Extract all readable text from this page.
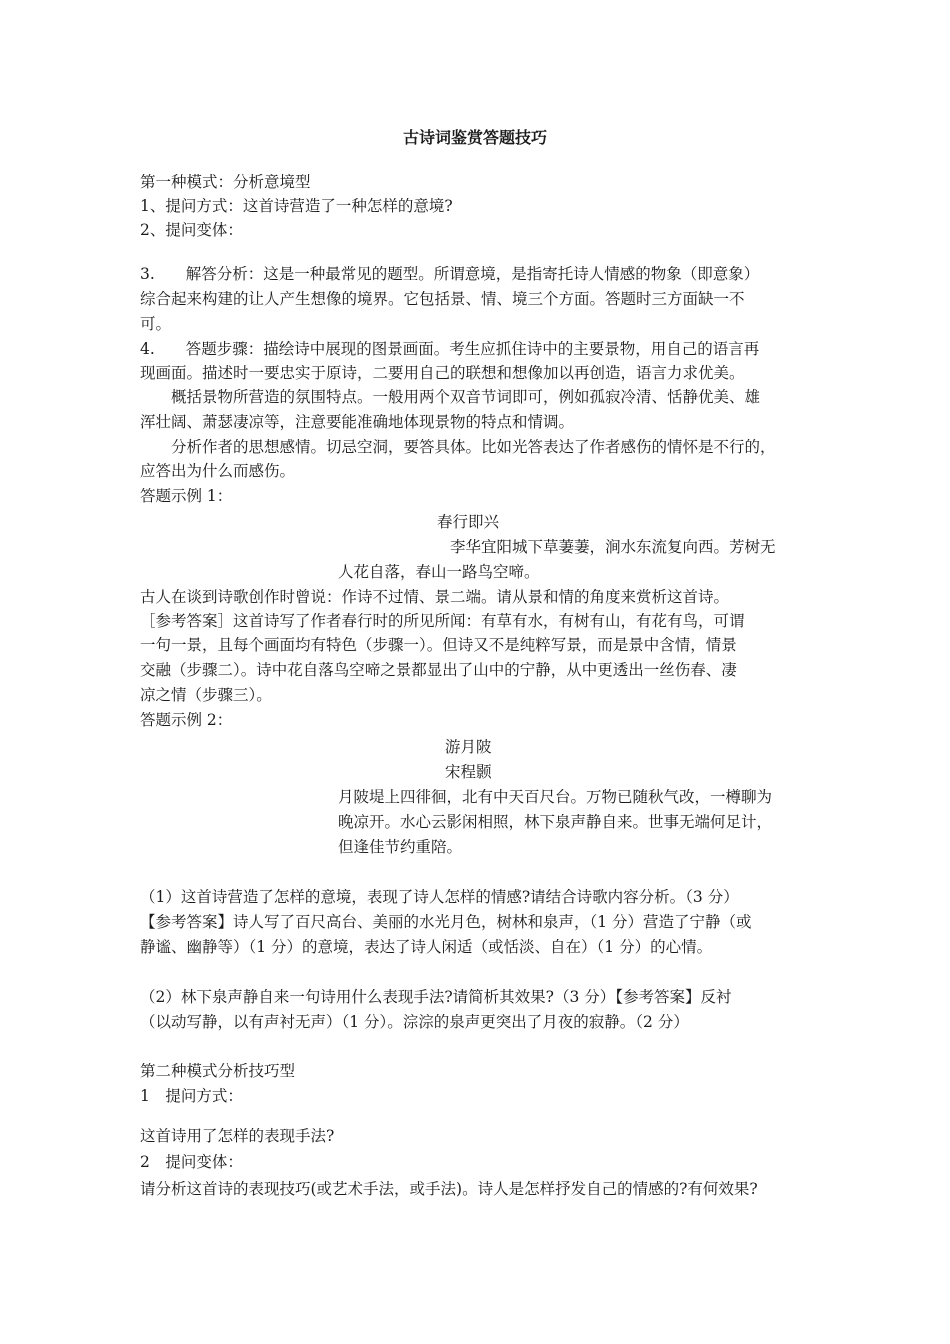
古诗词鉴赏答题技巧
第一种模式：分析意境型
1、提问方式：这首诗营造了一种怎样的意境?
2、提问变体：
3.　　解答分析：这是一种最常见的题型。所谓意境，是指寄托诗人情感的物象（即意象）
综合起来构建的让人产生想像的境界。它包括景、情、境三个方面。答题时三方面缺一不
可。
4.　　答题步骤：描绘诗中展现的图景画面。考生应抓住诗中的主要景物，用自己的语言再
现画面。描述时一要忠实于原诗，二要用自己的联想和想像加以再创造，语言力求优美。
　　概括景物所营造的氛围特点。一般用两个双音节词即可，例如孤寂冷清、恬静优美、雄
浑壮阔、萧瑟凄凉等，注意要能准确地体现景物的特点和情调。
　　分析作者的思想感情。切忌空洞，要答具体。比如光答表达了作者感伤的情怀是不行的，
应答出为什么而感伤。
答题示例 1：
春行即兴
李华宜阳城下草萋萋，涧水东流复向西。芳树无
人花自落，春山一路鸟空啼。
古人在谈到诗歌创作时曾说：作诗不过情、景二端。请从景和情的角度来赏析这首诗。
［参考答案］这首诗写了作者春行时的所见所闻：有草有水，有树有山，有花有鸟，可谓
一句一景，且每个画面均有特色（步骤一）。但诗又不是纯粹写景，而是景中含情，情景
交融（步骤二）。诗中花自落鸟空啼之景都显出了山中的宁静，从中更透出一丝伤春、凄
凉之情（步骤三）。
答题示例 2：
游月陂
宋程颢
月陂堤上四徘徊，北有中天百尺台。万物已随秋气改，一樽聊为
晚凉开。水心云影闲相照，林下泉声静自来。世事无端何足计，
但逢佳节约重陪。
（1）这首诗营造了怎样的意境，表现了诗人怎样的情感?请结合诗歌内容分析。（3 分）
【参考答案】诗人写了百尺高台、美丽的水光月色，树林和泉声，（1 分）营造了宁静（或
静谧、幽静等）（1 分）的意境，表达了诗人闲适（或恬淡、自在）（1 分）的心情。
（2）林下泉声静自来一句诗用什么表现手法?请简析其效果?（3 分）【参考答案】反衬
（以动写静，以有声衬无声）（1 分）。淙淙的泉声更突出了月夜的寂静。（2 分）
第二种模式分析技巧型
1　提问方式：
这首诗用了怎样的表现手法?
2　提问变体：
请分析这首诗的表现技巧(或艺术手法，或手法)。诗人是怎样抒发自己的情感的?有何效果?
